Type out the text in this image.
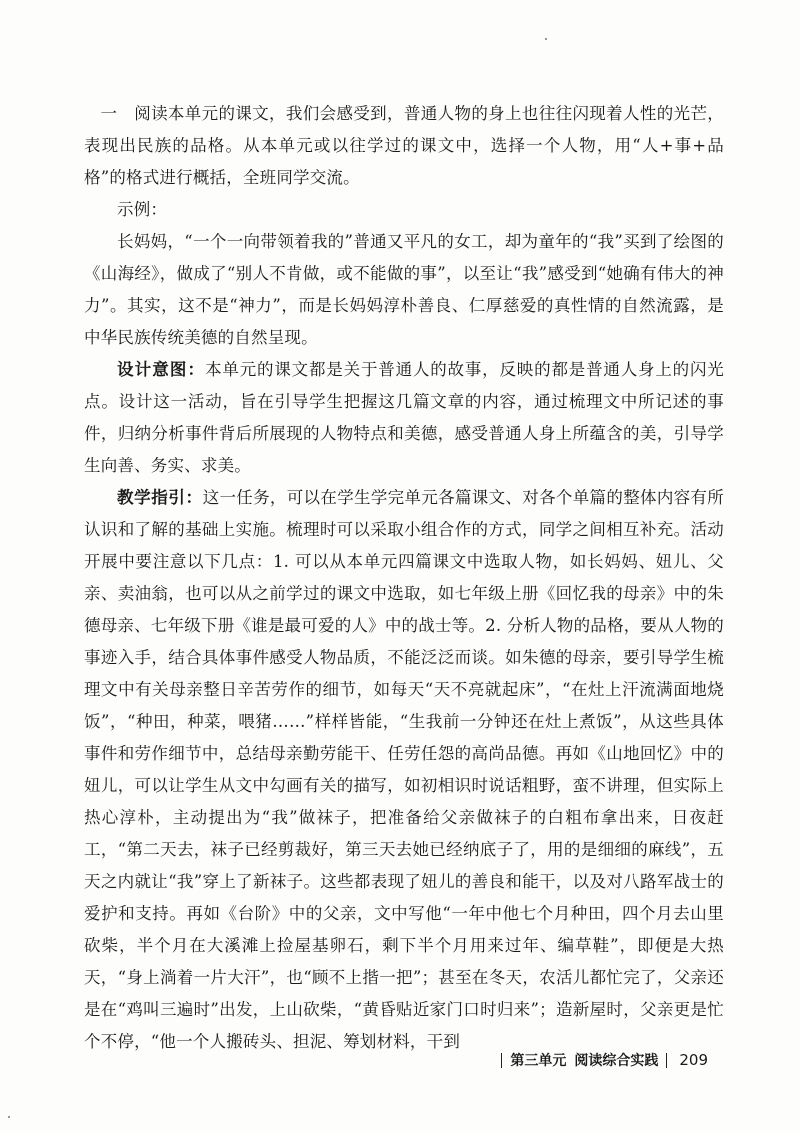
一　阅读本单元的课文，我们会感受到，普通人物的身上也往往闪现着人性的光芒，表现出民族的品格。从本单元或以往学过的课文中，选择一个人物，用“人+事+品格”的格式进行概括，全班同学交流。

示例：

长妈妈，“一个一向带领着我的”普通又平凡的女工，却为童年的“我”买到了绘图的《山海经》，做成了“别人不肯做，或不能做的事”，以至让“我”感受到“她确有伟大的神力”。其实，这不是“神力”，而是长妈妈淳朴善良、仁厚慈爱的真性情的自然流露，是中华民族传统美德的自然呈现。

设计意图：本单元的课文都是关于普通人的故事，反映的都是普通人身上的闪光点。设计这一活动，旨在引导学生把握这几篇文章的内容，通过梳理文中所记述的事件，归纳分析事件背后所展现的人物特点和美德，感受普通人身上所蕴含的美，引导学生向善、务实、求美。

教学指引：这一任务，可以在学生学完单元各篇课文、对各个单篇的整体内容有所认识和了解的基础上实施。梳理时可以采取小组合作的方式，同学之间相互补充。活动开展中要注意以下几点：1. 可以从本单元四篇课文中选取人物，如长妈妈、妞儿、父亲、卖油翁，也可以从之前学过的课文中选取，如七年级上册《回忆我的母亲》中的朱德母亲、七年级下册《谁是最可爱的人》中的战士等。2. 分析人物的品格，要从人物的事迹入手，结合具体事件感受人物品质，不能泛泛而谈。如朱德的母亲，要引导学生梳理文中有关母亲整日辛苦劳作的细节，如每天“天不亮就起床”，“在灶上汗流满面地烧饭”，“种田，种菜，喂猪……”样样皆能，“生我前一分钟还在灶上煮饭”，从这些具体事件和劳作细节中，总结母亲勤劳能干、任劳任怨的高尚品德。再如《山地回忆》中的妞儿，可以让学生从文中勾画有关的描写，如初相识时说话粗野，蛮不讲理，但实际上热心淳朴，主动提出为“我”做袜子，把准备给父亲做袜子的白粗布拿出来，日夜赶工，“第二天去，袜子已经剪裁好，第三天去她已经纳底子了，用的是细细的麻线”，五天之内就让“我”穿上了新袜子。这些都表现了妞儿的善良和能干，以及对八路军战士的爱护和支持。再如《台阶》中的父亲，文中写他“一年中他七个月种田，四个月去山里砍柴，半个月在大溪滩上捡屋基卵石，剩下半个月用来过年、编草鞋”，即便是大热天，“身上淌着一片大汗”，也“顾不上揩一把”；甚至在冬天，农活儿都忙完了，父亲还是在“鸡叫三遍时”出发，上山砍柴，“黄昏贴近家门口时归来”；造新屋时，父亲更是忙个不停，“他一个人搬砖头、担泥、筹划材料，干到

第三单元 阅读综合实践 209
